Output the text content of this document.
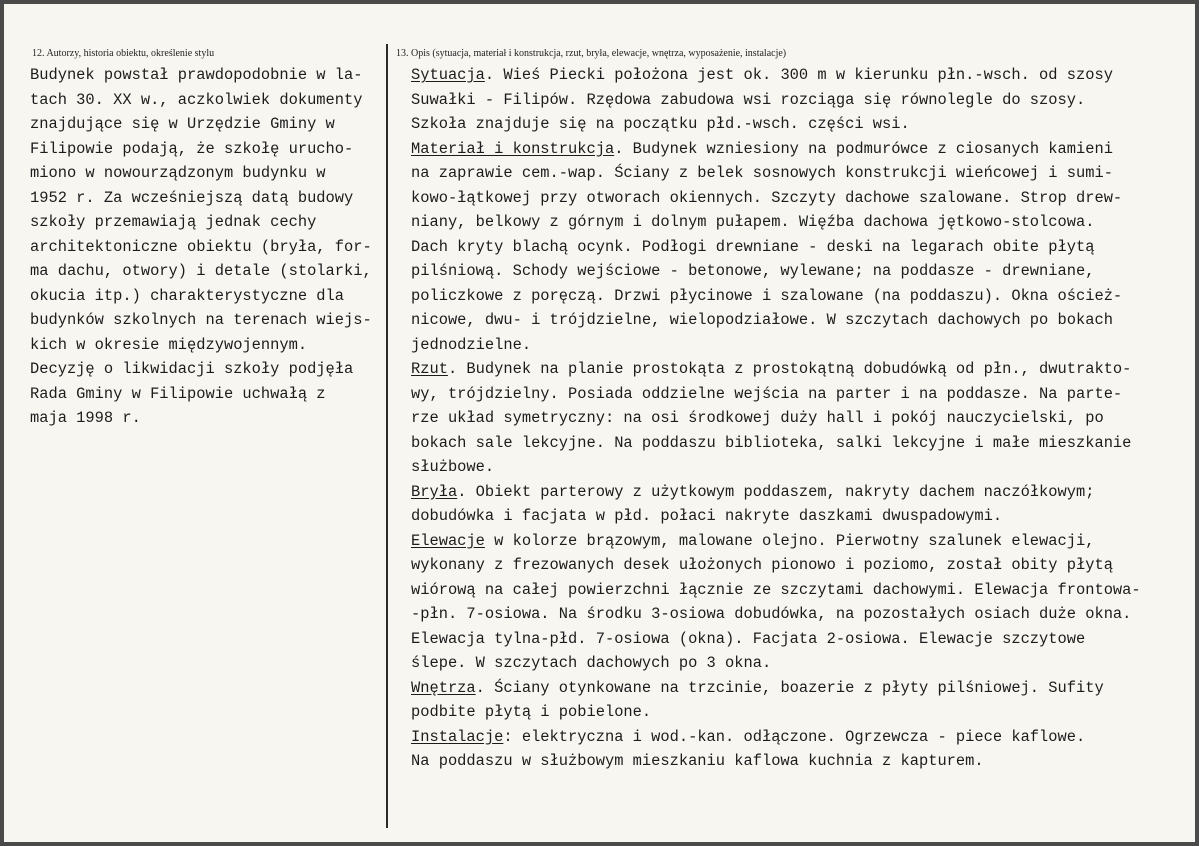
12. Autorzy, historia obiektu, określenie stylu	13. Opis (sytuacja, materiał i konstrukcja, rzut, bryła, elewacje, wnętrza, wyposażenie, instalacje)
Budynek powstał prawdopodobnie w la-
tach 30. XX w., aczkolwiek dokumenty
znajdujące się w Urzędzie Gminy w
Filipowie podają, że szkołę urucho-
miono w nowourządzonym budynku w
1952 r. Za wcześniejszą datą budowy
szkoły przemawiają jednak cechy
architektoniczne obiektu (bryła, for-
ma dachu, otwory) i detale (stolarki,
okucia itp.) charakterystyczne dla
budynków szkolnych na terenach wiejs-
kich w okresie międzywojennym.
Decyzję o likwidacji szkoły podjęła
Rada Gminy w Filipowie uchwałą z
maja 1998 r.
Sytuacja. Wieś Piecki położona jest ok. 300 m w kierunku płn.-wsch. od szosy
Suwałki - Filipów. Rzędowa zabudowa wsi rozciąga się równolegle do szosy.
Szkoła znajduje się na początku płd.-wsch. części wsi.
Materiał i konstrukcja. Budynek wzniesiony na podmurówce z ciosanych kamieni
na zaprawie cem.-wap. Ściany z belek sosnowych konstrukcji wieńcowej i sumi-
kowo-łątkowej przy otworach okiennych. Szczyty dachowe szalowane. Strop drew-
niany, belkowy z górnym i dolnym pułapem. Więźba dachowa jętkowo-stolcowa.
Dach kryty blachą ocynk. Podłogi drewniane - deski na legarach obite płytą
pilśniową. Schody wejściowe - betonowe, wylewane; na poddasze - drewniane,
policzkowe z poręczą. Drzwi płycinowe i szalowane (na poddaszu). Okna oścież-
nicowe, dwu- i trójdzielne, wielopodziałowe. W szczytach dachowych po bokach
jednodzielne.
Rzut. Budynek na planie prostokąta z prostokątną dobudówką od płn., dwutrakto-
wy, trójdzielny. Posiada oddzielne wejścia na parter i na poddasze. Na parte-
rze układ symetryczny: na osi środkowej duży hall i pokój nauczycielski, po
bokach sale lekcyjne. Na poddaszu biblioteka, salki lekcyjne i małe mieszkanie
służbowe.
Bryła. Obiekt parterowy z użytkowym poddaszem, nakryty dachem naczółkowym;
dobudówka i facjata w płd. połaci nakryte daszkami dwuspadowymi.
Elewacje w kolorze brązowym, malowane olejno. Pierwotny szalunek elewacji,
wykonany z frezowanych desek ułożonych pionowo i poziomo, został obity płytą
wiórową na całej powierzchni łącznie ze szczytami dachowymi. Elewacja frontowa-
-płn. 7-osiowa. Na środku 3-osiowa dobudówka, na pozostałych osiach duże okna.
Elewacja tylna-płd. 7-osiowa (okna). Facjata 2-osiowa. Elewacje szczytowe
ślepe. W szczytach dachowych po 3 okna.
Wnętrza. Ściany otynkowane na trzcinie, boazerie z płyty pilśniowej. Sufity
podbite płytą i pobielone.
Instalacje: elektryczna i wod.-kan. odłączone. Ogrzewcza - piece kaflowe.
Na poddaszu w służbowym mieszkaniu kaflowa kuchnia z kapturem.
